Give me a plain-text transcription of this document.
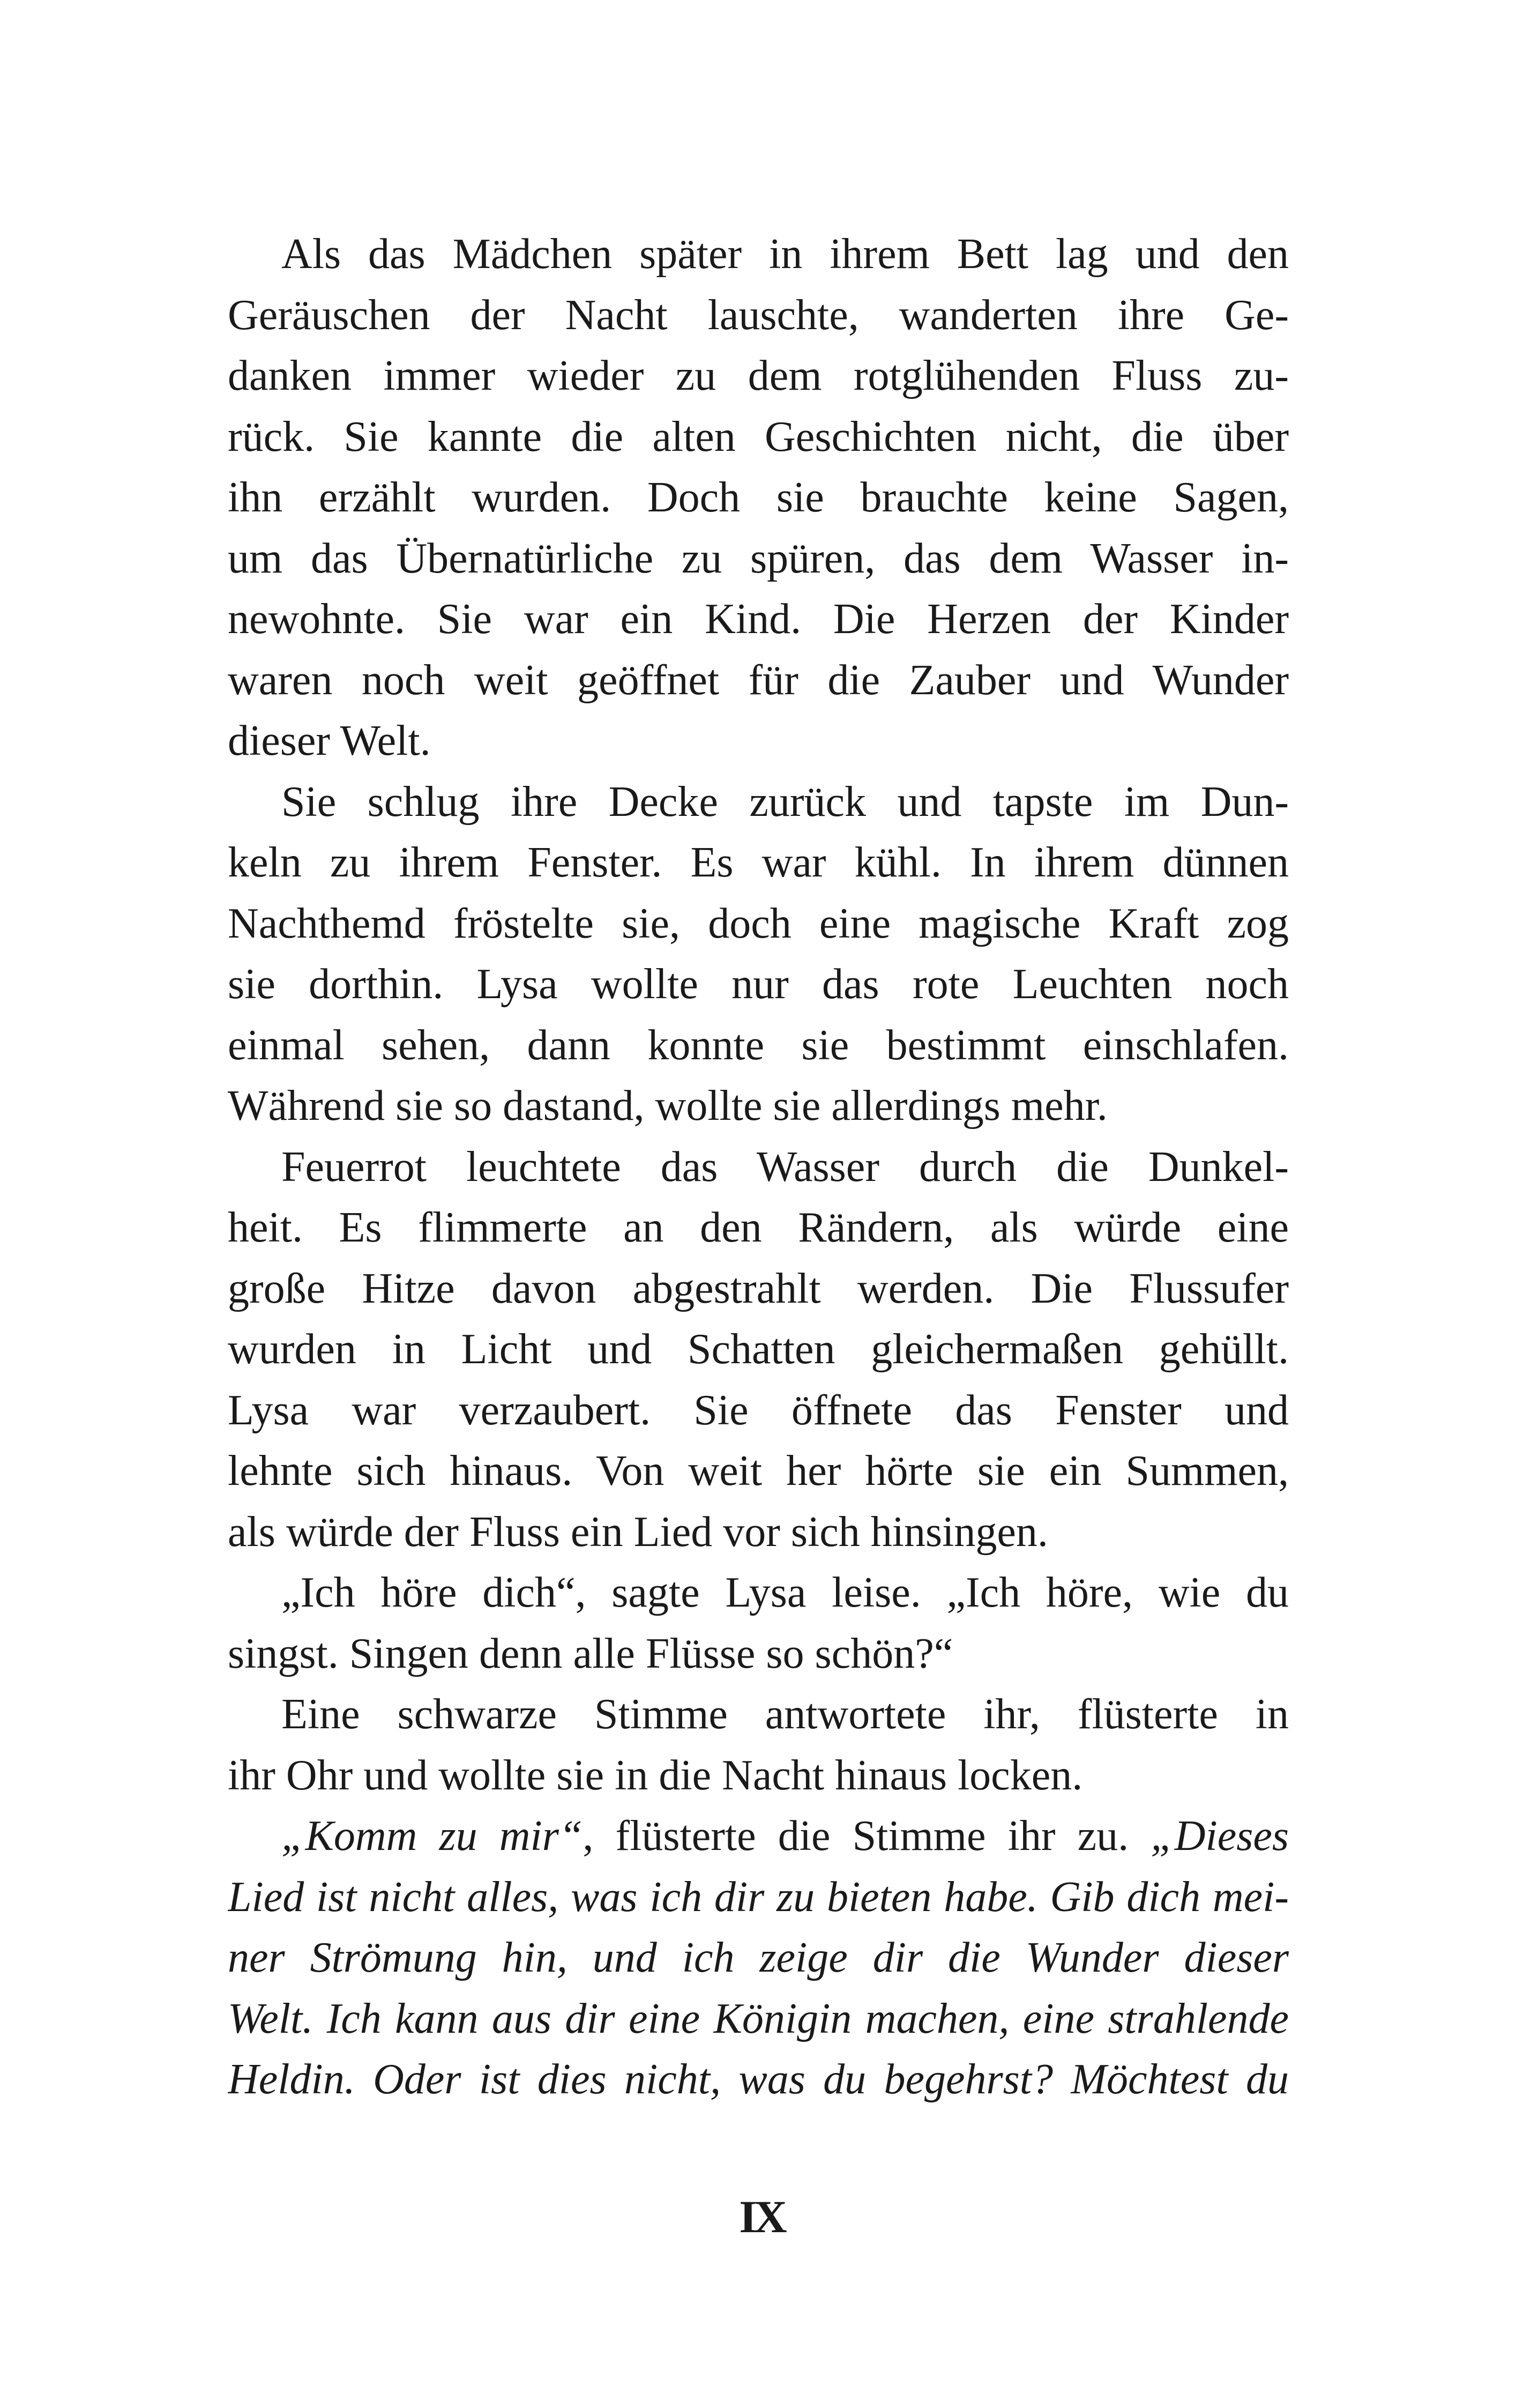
Als das Mädchen später in ihrem Bett lag und den
Geräuschen der Nacht lauschte, wanderten ihre Ge-
danken immer wieder zu dem rotglühenden Fluss zu-
rück. Sie kannte die alten Geschichten nicht, die über
ihn erzählt wurden. Doch sie brauchte keine Sagen,
um das Übernatürliche zu spüren, das dem Wasser in-
newohnte. Sie war ein Kind. Die Herzen der Kinder
waren noch weit geöffnet für die Zauber und Wunder
dieser Welt.
Sie schlug ihre Decke zurück und tapste im Dun-
keln zu ihrem Fenster. Es war kühl. In ihrem dünnen
Nachthemd fröstelte sie, doch eine magische Kraft zog
sie dorthin. Lysa wollte nur das rote Leuchten noch
einmal sehen, dann konnte sie bestimmt einschlafen.
Während sie so dastand, wollte sie allerdings mehr.
Feuerrot leuchtete das Wasser durch die Dunkel-
heit. Es flimmerte an den Rändern, als würde eine
große Hitze davon abgestrahlt werden. Die Flussufer
wurden in Licht und Schatten gleichermaßen gehüllt.
Lysa war verzaubert. Sie öffnete das Fenster und
lehnte sich hinaus. Von weit her hörte sie ein Summen,
als würde der Fluss ein Lied vor sich hinsingen.
„Ich höre dich“, sagte Lysa leise. „Ich höre, wie du
singst. Singen denn alle Flüsse so schön?“
Eine schwarze Stimme antwortete ihr, flüsterte in
ihr Ohr und wollte sie in die Nacht hinaus locken.
„Komm zu mir“, flüsterte die Stimme ihr zu. „Dieses
Lied ist nicht alles, was ich dir zu bieten habe. Gib dich mei-
ner Strömung hin, und ich zeige dir die Wunder dieser
Welt. Ich kann aus dir eine Königin machen, eine strahlende
Heldin. Oder ist dies nicht, was du begehrst? Möchtest du
IX
